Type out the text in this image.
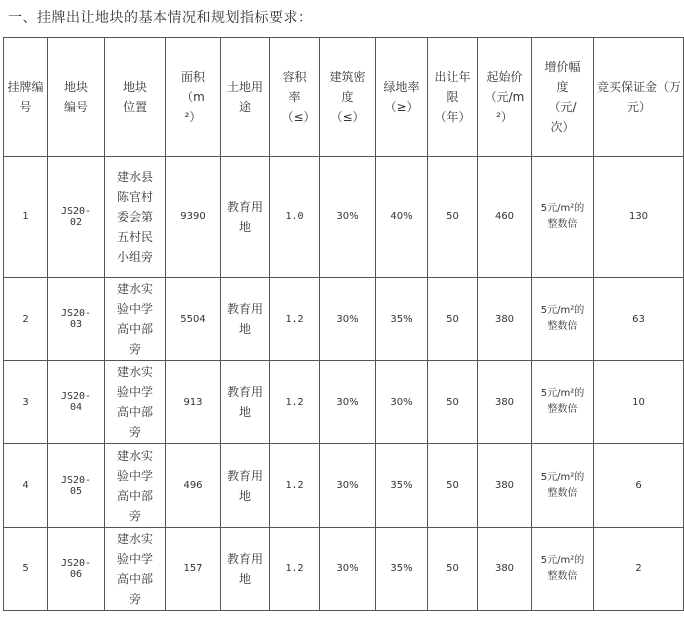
一、挂牌出让地块的基本情况和规划指标要求：
挂牌编号	地块编号	地块位置	面积（m²）	土地用途	容积率（≤）	建筑密度（≤）	绿地率（≥）	出让年限（年）	起始价（元/m²）	增价幅度（元/次）	竞买保证金（万元）
1	JS20-02	建水县陈官村委会第五村民小组旁	9390	教育用地	1.0	30%	40%	50	460	5元/m²的整数倍	130
2	JS20-03	建水实验中学高中部旁	5504	教育用地	1.2	30%	35%	50	380	5元/m²的整数倍	63
3	JS20-04	建水实验中学高中部旁	913	教育用地	1.2	30%	30%	50	380	5元/m²的整数倍	10
4	JS20-05	建水实验中学高中部旁	496	教育用地	1.2	30%	35%	50	380	5元/m²的整数倍	6
5	JS20-06	建水实验中学高中部旁	157	教育用地	1.2	30%	35%	50	380	5元/m²的整数倍	2
